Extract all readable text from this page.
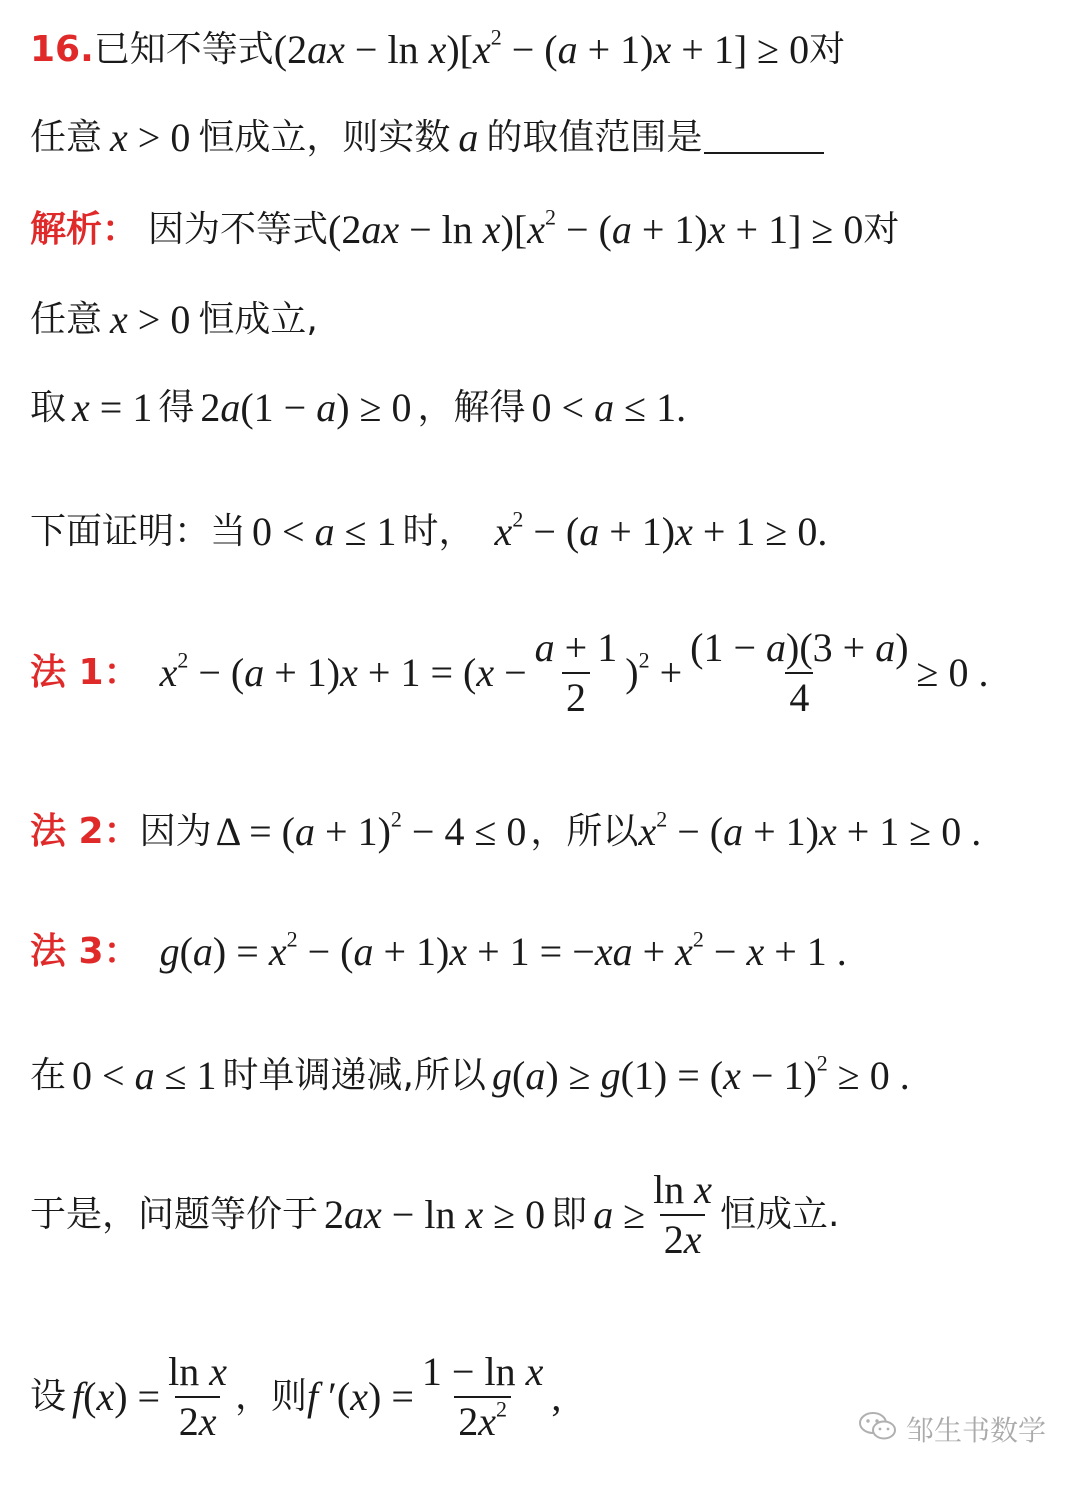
16. 已知不等式 $(2ax - \ln x)[x^2 - (a + 1)x + 1] \ge 0$ 对
任意 x > 0 恒成立，则实数 a 的取值范围是
解析： 因为不等式 $(2ax - \ln x)[x^2 - (a + 1)x + 1] \ge 0$ 对
任意 x > 0 恒成立,
取 x = 1 得 2a(1 − a) ≥ 0 ，解得 0 < a ≤ 1.
下面证明：当 0 < a ≤ 1 时， $x^2 - (a + 1)x + 1 \ge 0$.
法 1： $x^2 - (a + 1)x + 1 = (x - \frac{a + 1}{2} )^2 + \frac{(1 - a)(3 + a)}{4} \ge 0$ .
法 2： 因为 $\Delta = (a + 1)^2 - 4 \le 0$ ，所以 $x^2 - (a + 1)x + 1 \ge 0$ .
法 3： $g(a) = x^2 - (a + 1)x + 1 = -xa + x^2 - x + 1$ .
在 0 < a ≤ 1 时单调递减,所以 $g(a) \ge g(1) = (x - 1)^2 \ge 0$ .
于是，问题等价于 2ax − ln x ≥ 0 即 $a \ge \frac{\text{ln x}}{2x}$ 恒成立.
设 $f(x) = \frac{\text{ln x}}{2x}$ ，则 f $'(x) = \frac{\text{1 − ln x}}{2x^2}$ ,
邹生书数学
